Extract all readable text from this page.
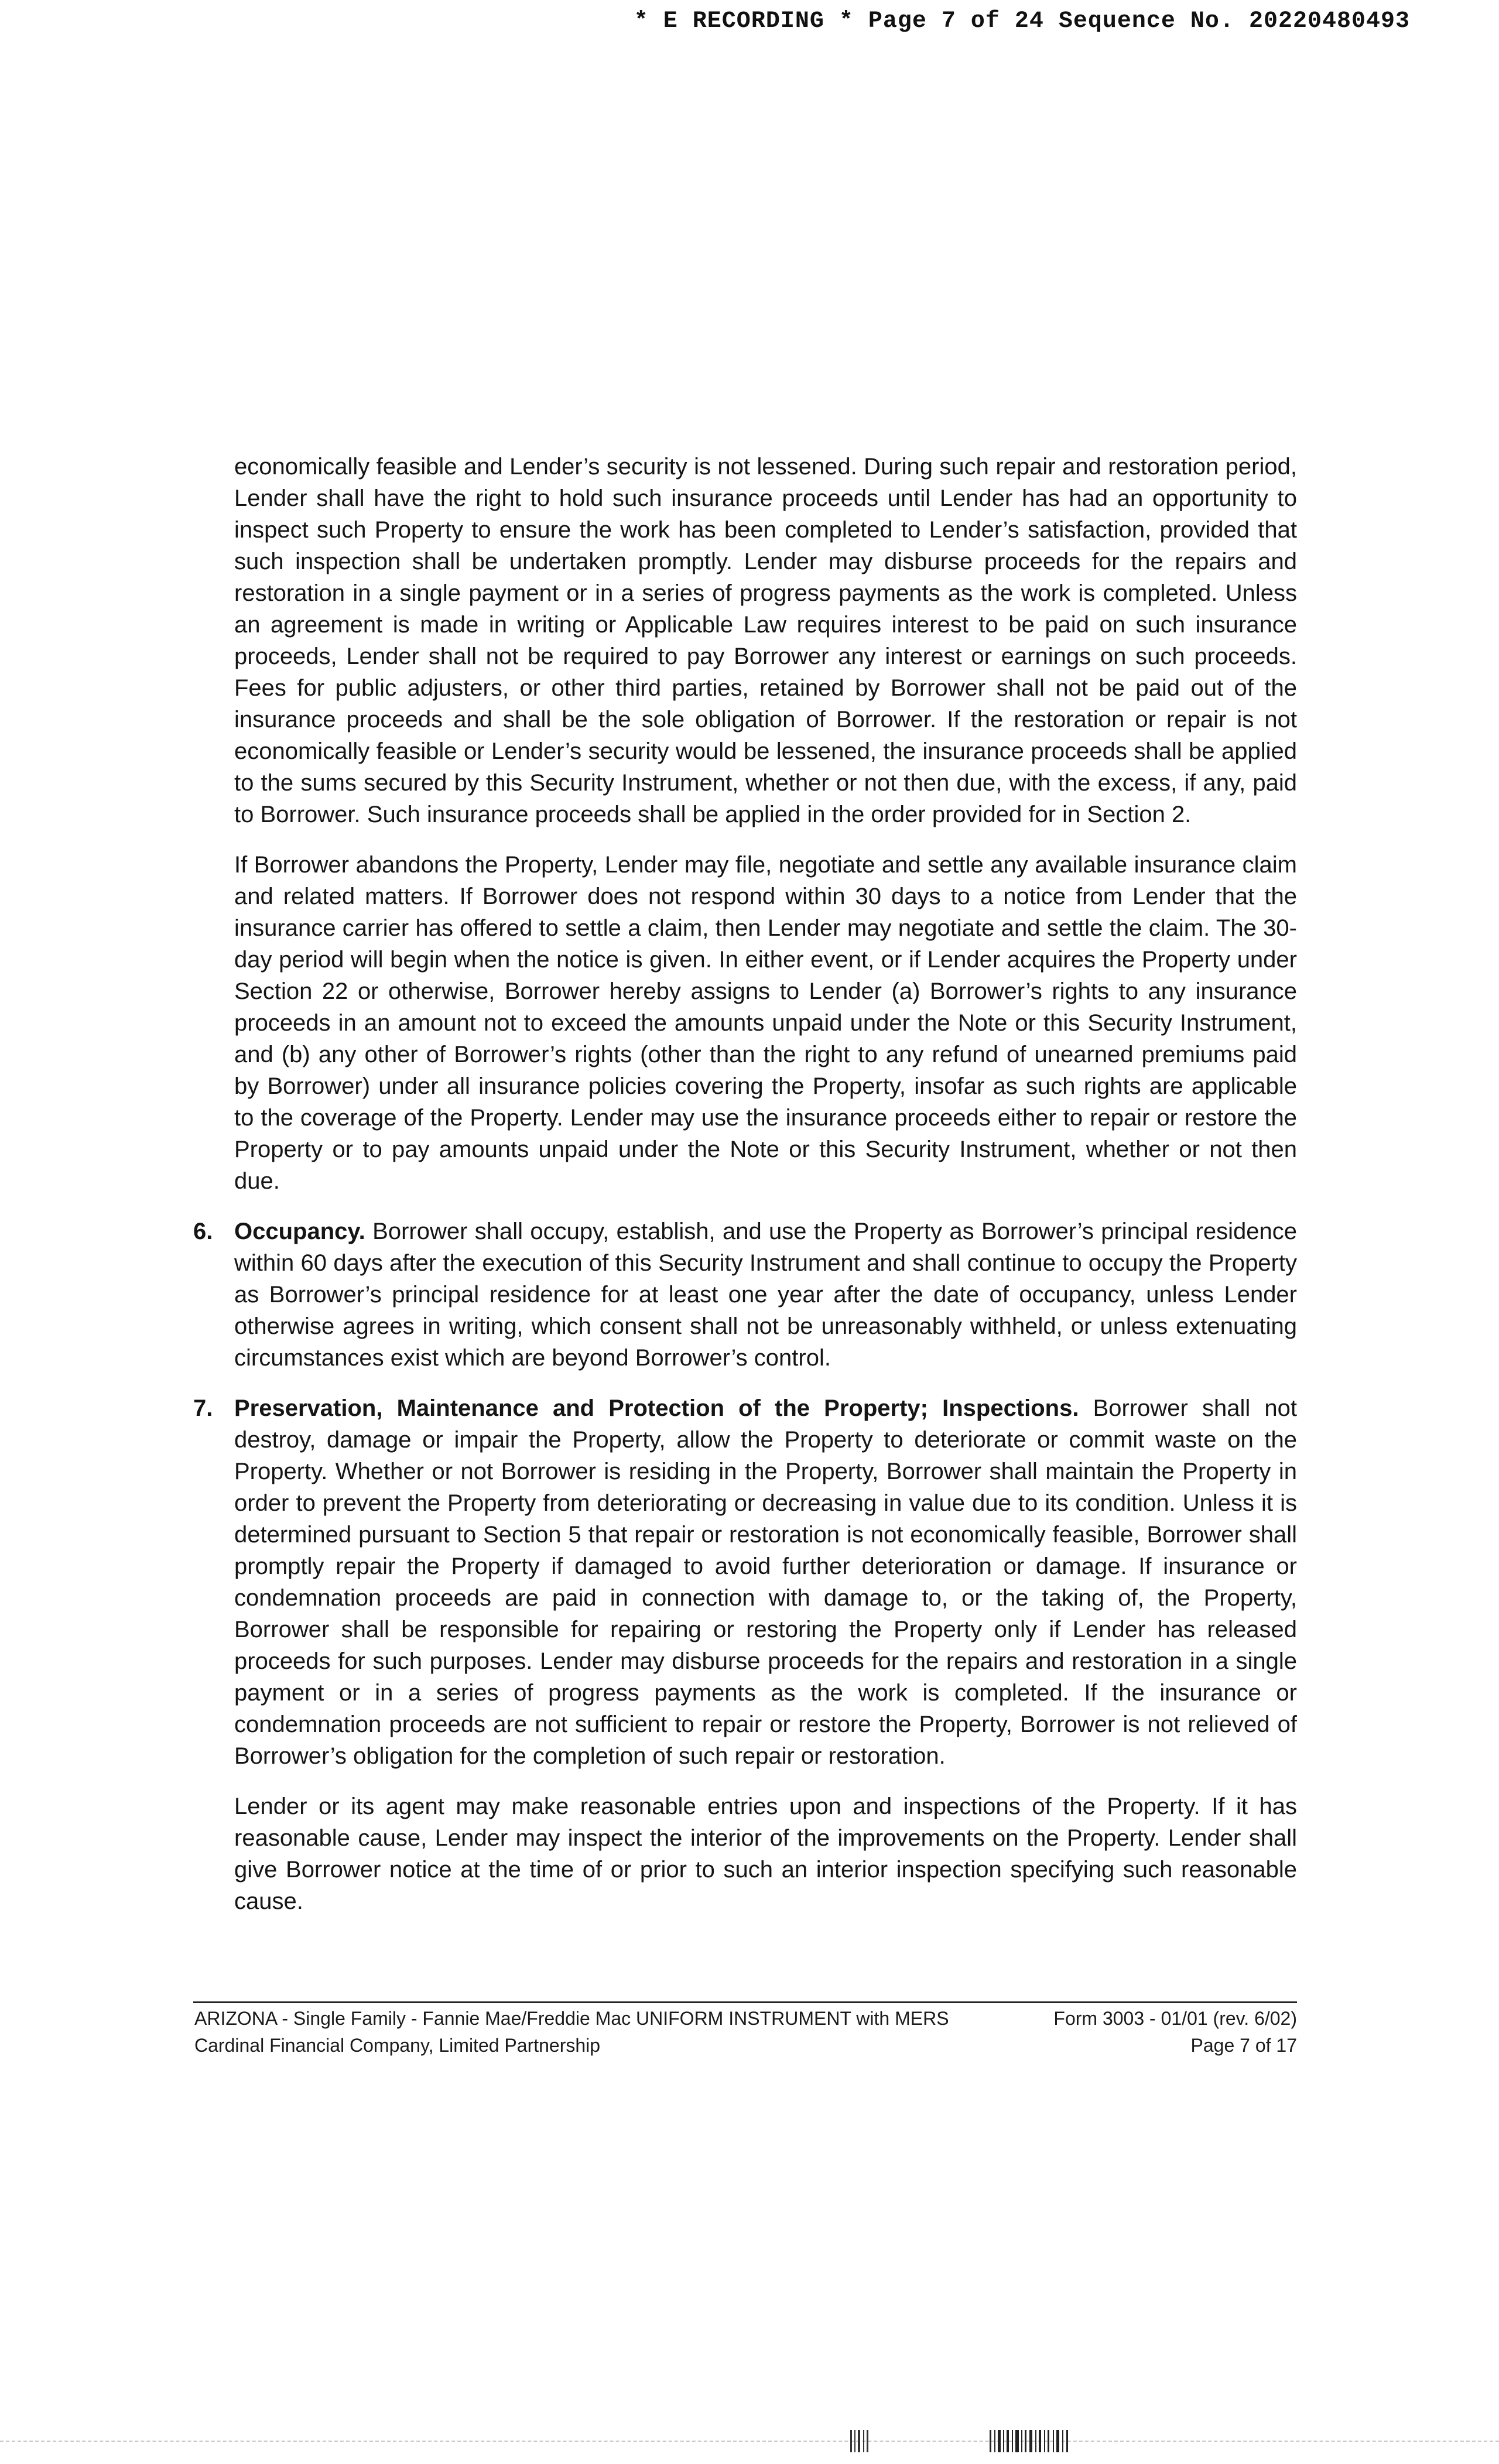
* E RECORDING * Page 7 of 24 Sequence No. 20220480493

economically feasible and Lender’s security is not lessened. During such repair and restoration period, Lender shall have the right to hold such insurance proceeds until Lender has had an opportunity to inspect such Property to ensure the work has been completed to Lender’s satisfaction, provided that such inspection shall be undertaken promptly. Lender may disburse proceeds for the repairs and restoration in a single payment or in a series of progress payments as the work is completed. Unless an agreement is made in writing or Applicable Law requires interest to be paid on such insurance proceeds, Lender shall not be required to pay Borrower any interest or earnings on such proceeds. Fees for public adjusters, or other third parties, retained by Borrower shall not be paid out of the insurance proceeds and shall be the sole obligation of Borrower. If the restoration or repair is not economically feasible or Lender’s security would be lessened, the insurance proceeds shall be applied to the sums secured by this Security Instrument, whether or not then due, with the excess, if any, paid to Borrower. Such insurance proceeds shall be applied in the order provided for in Section 2.

If Borrower abandons the Property, Lender may file, negotiate and settle any available insurance claim and related matters. If Borrower does not respond within 30 days to a notice from Lender that the insurance carrier has offered to settle a claim, then Lender may negotiate and settle the claim. The 30-day period will begin when the notice is given. In either event, or if Lender acquires the Property under Section 22 or otherwise, Borrower hereby assigns to Lender (a) Borrower’s rights to any insurance proceeds in an amount not to exceed the amounts unpaid under the Note or this Security Instrument, and (b) any other of Borrower’s rights (other than the right to any refund of unearned premiums paid by Borrower) under all insurance policies covering the Property, insofar as such rights are applicable to the coverage of the Property. Lender may use the insurance proceeds either to repair or restore the Property or to pay amounts unpaid under the Note or this Security Instrument, whether or not then due.

6. Occupancy. Borrower shall occupy, establish, and use the Property as Borrower’s principal residence within 60 days after the execution of this Security Instrument and shall continue to occupy the Property as Borrower’s principal residence for at least one year after the date of occupancy, unless Lender otherwise agrees in writing, which consent shall not be unreasonably withheld, or unless extenuating circumstances exist which are beyond Borrower’s control.

7. Preservation, Maintenance and Protection of the Property; Inspections. Borrower shall not destroy, damage or impair the Property, allow the Property to deteriorate or commit waste on the Property. Whether or not Borrower is residing in the Property, Borrower shall maintain the Property in order to prevent the Property from deteriorating or decreasing in value due to its condition. Unless it is determined pursuant to Section 5 that repair or restoration is not economically feasible, Borrower shall promptly repair the Property if damaged to avoid further deterioration or damage. If insurance or condemnation proceeds are paid in connection with damage to, or the taking of, the Property, Borrower shall be responsible for repairing or restoring the Property only if Lender has released proceeds for such purposes. Lender may disburse proceeds for the repairs and restoration in a single payment or in a series of progress payments as the work is completed. If the insurance or condemnation proceeds are not sufficient to repair or restore the Property, Borrower is not relieved of Borrower’s obligation for the completion of such repair or restoration.

Lender or its agent may make reasonable entries upon and inspections of the Property. If it has reasonable cause, Lender may inspect the interior of the improvements on the Property. Lender shall give Borrower notice at the time of or prior to such an interior inspection specifying such reasonable cause.

ARIZONA - Single Family - Fannie Mae/Freddie Mac UNIFORM INSTRUMENT with MERS
Cardinal Financial Company, Limited Partnership
Form 3003 - 01/01 (rev. 6/02)
Page 7 of 17
